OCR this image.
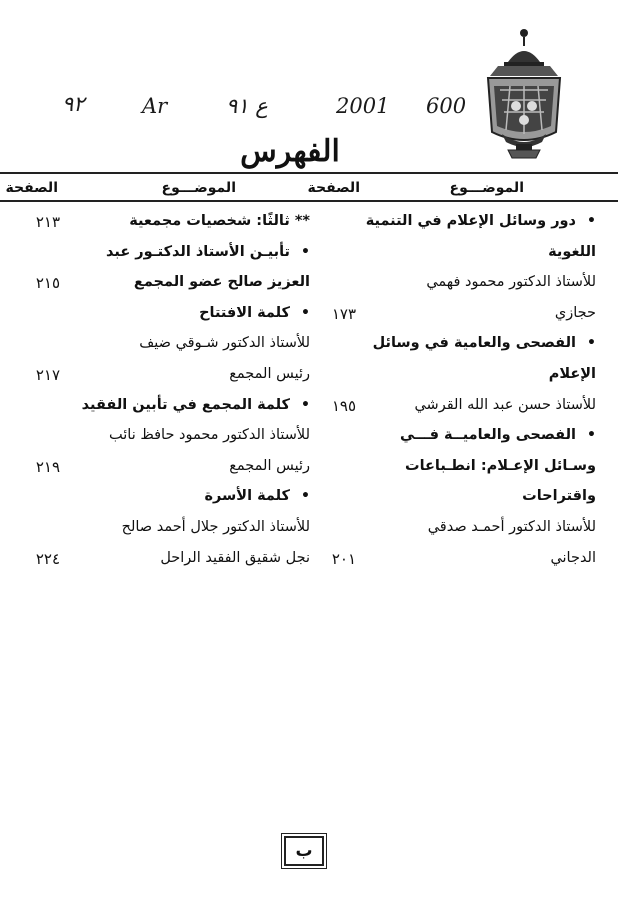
٩٢	Ar	ع ٩١	2001 600
الفهرس
الموضـــوع
الصفحة
الموضـــوع
الصفحة
دور وسائل الإعلام في التنمية •
اللغوية
للأستاذ الدكتور محمود فهمي
حجازي
١٧٣
الفصحى والعامية في وسائل •
الإعلام
للأستاذ حسن عبد الله القرشي
١٩٥
الفصحى والعاميــة فـــي •
وسـائل الإعـلام: انطـباعات
واقتراحات
للأستاذ الدكتور أحمـد صدقي
الدجاني
٢٠١
** ثالثًا: شخصيات مجمعية
٢١٣
تأبيـن الأستاذ الدكتـور عبد •
العزيز صالح عضو المجمع
٢١٥
كلمة الافتتاح •
للأستاذ الدكتور شـوقي ضيف
رئيس المجمع
٢١٧
كلمة المجمع في تأبين الفقيد •
للأستاذ الدكتور محمود حافظ نائب
رئيس المجمع
٢١٩
كلمة الأسرة •
للأستاذ الدكتور جلال أحمد صالح
نجل شقيق الفقيد الراحل
٢٢٤
ب
